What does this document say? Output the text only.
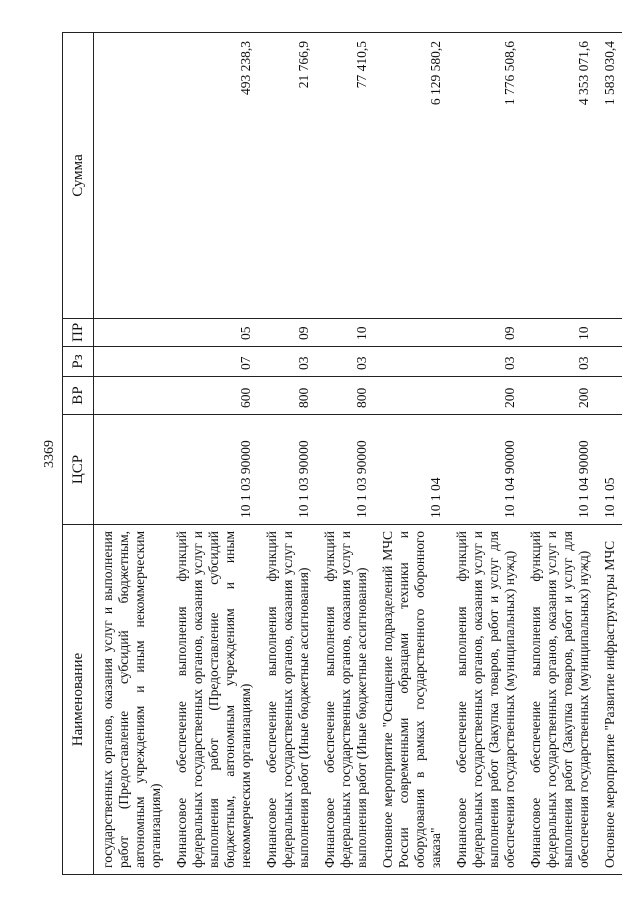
3369
Наименование	ЦСР	ВР	Рз	ПР	Сумма
государственных органов, оказания услуг и выполнения работ (Предоставление субсидий бюджетным, автономным учреждениям и иным некоммерческим организациям)					
Финансовое обеспечение выполнения функций федеральных государственных органов, оказания услуг и выполнения работ (Предоставление субсидий бюджетным, автономным учреждениям и иным некоммерческим организациям)	10 1 03 90000	600	07	05	493 238,3
Финансовое обеспечение выполнения функций федеральных государственных органов, оказания услуг и выполнения работ (Иные бюджетные ассигнования)	10 1 03 90000	800	03	09	21 766,9
Финансовое обеспечение выполнения функций федеральных государственных органов, оказания услуг и выполнения работ (Иные бюджетные ассигнования)	10 1 03 90000	800	03	10	77 410,5
Основное мероприятие "Оснащение подразделений МЧС России современными образцами техники и оборудования в рамках государственного оборонного заказа"	10 1 04				6 129 580,2
Финансовое обеспечение выполнения функций федеральных государственных органов, оказания услуг и выполнения работ (Закупка товаров, работ и услуг для обеспечения государственных (муниципальных) нужд)	10 1 04 90000	200	03	09	1 776 508,6
Финансовое обеспечение выполнения функций федеральных государственных органов, оказания услуг и выполнения работ (Закупка товаров, работ и услуг для обеспечения государственных (муниципальных) нужд)	10 1 04 90000	200	03	10	4 353 071,6
Основное мероприятие "Развитие инфраструктуры МЧС	10 1 05				1 583 030,4
